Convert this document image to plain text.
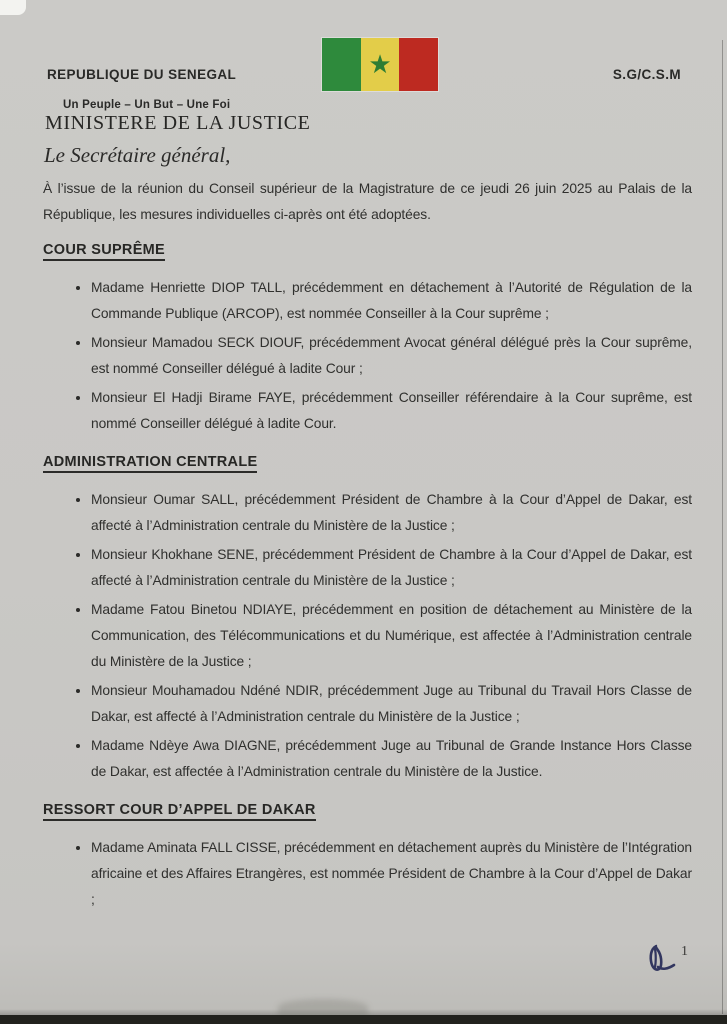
REPUBLIQUE DU SENEGAL	★	S.G/C.S.M
Un Peuple – Un But – Une Foi
MINISTERE DE LA JUSTICE
Le Secrétaire général,

À l’issue de la réunion du Conseil supérieur de la Magistrature de ce jeudi 26 juin 2025 au Palais de la République, les mesures individuelles ci-après ont été adoptées.

COUR SUPRÊME
• Madame Henriette DIOP TALL, précédemment en détachement à l’Autorité de Régulation de la Commande Publique (ARCOP), est nommée Conseiller à la Cour suprême ;
• Monsieur Mamadou SECK DIOUF, précédemment Avocat général délégué près la Cour suprême, est nommé Conseiller délégué à ladite Cour ;
• Monsieur El Hadji Birame FAYE, précédemment Conseiller référendaire à la Cour suprême, est nommé Conseiller délégué à ladite Cour.
ADMINISTRATION CENTRALE
• Monsieur Oumar SALL, précédemment Président de Chambre à la Cour d’Appel de Dakar, est affecté à l’Administration centrale du Ministère de la Justice ;
• Monsieur Khokhane SENE, précédemment Président de Chambre à la Cour d’Appel de Dakar, est affecté à l’Administration centrale du Ministère de la Justice ;
• Madame Fatou Binetou NDIAYE, précédemment en position de détachement au Ministère de la Communication, des Télécommunications et du Numérique, est affectée à l’Administration centrale du Ministère de la Justice ;
• Monsieur Mouhamadou Ndéné NDIR, précédemment Juge au Tribunal du Travail Hors Classe de Dakar, est affecté à l’Administration centrale du Ministère de la Justice ;
• Madame Ndèye Awa DIAGNE, précédemment Juge au Tribunal de Grande Instance Hors Classe de Dakar, est affectée à l’Administration centrale du Ministère de la Justice.
RESSORT COUR D’APPEL DE DAKAR
• Madame Aminata FALL CISSE, précédemment en détachement auprès du Ministère de l’Intégration africaine et des Affaires Etrangères, est nommée Président de Chambre à la Cour d’Appel de Dakar ;
1
